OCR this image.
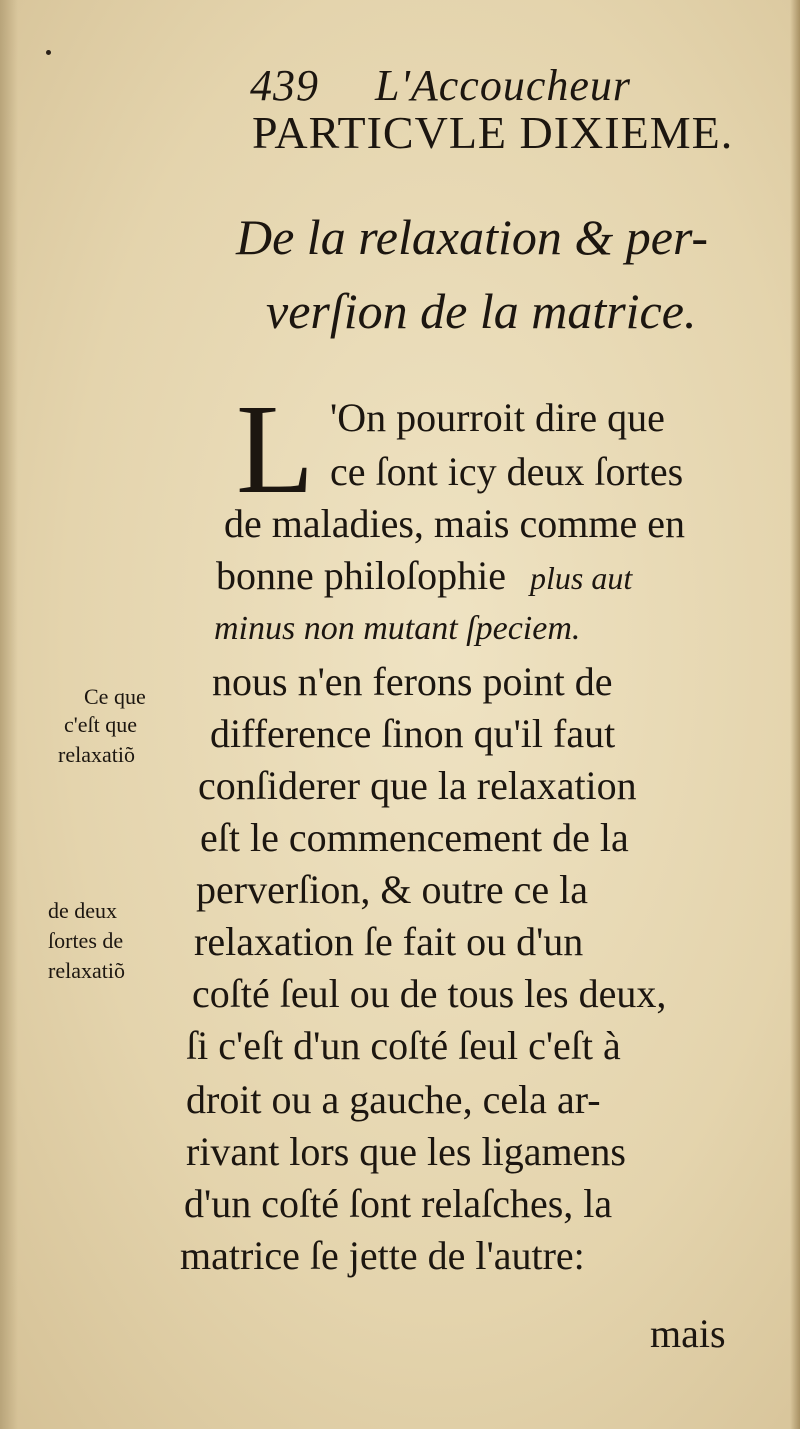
439 L'Accoucheur
PARTICVLE DIXIEME.
De la relaxation & per-
verſion de la matrice.
L 'On pourroit dire que
ce ſont icy deux ſortes
de maladies, mais comme en
bonne philoſophie plus aut
minus non mutant ſpeciem.
nous n'en ferons point de
difference ſinon qu'il faut
conſiderer que la relaxation
eſt le commencement de la
perverſion, & outre ce la
relaxation ſe fait ou d'un
coſté ſeul ou de tous les deux,
ſi c'eſt d'un coſté ſeul c'eſt à
droit ou a gauche, cela ar-
rivant lors que les ligamens
d'un coſté ſont relaſches, la
matrice ſe jette de l'autre:
Ce que
c'eſt que
relaxatiõ
de deux
ſortes de
relaxatiõ
mais
